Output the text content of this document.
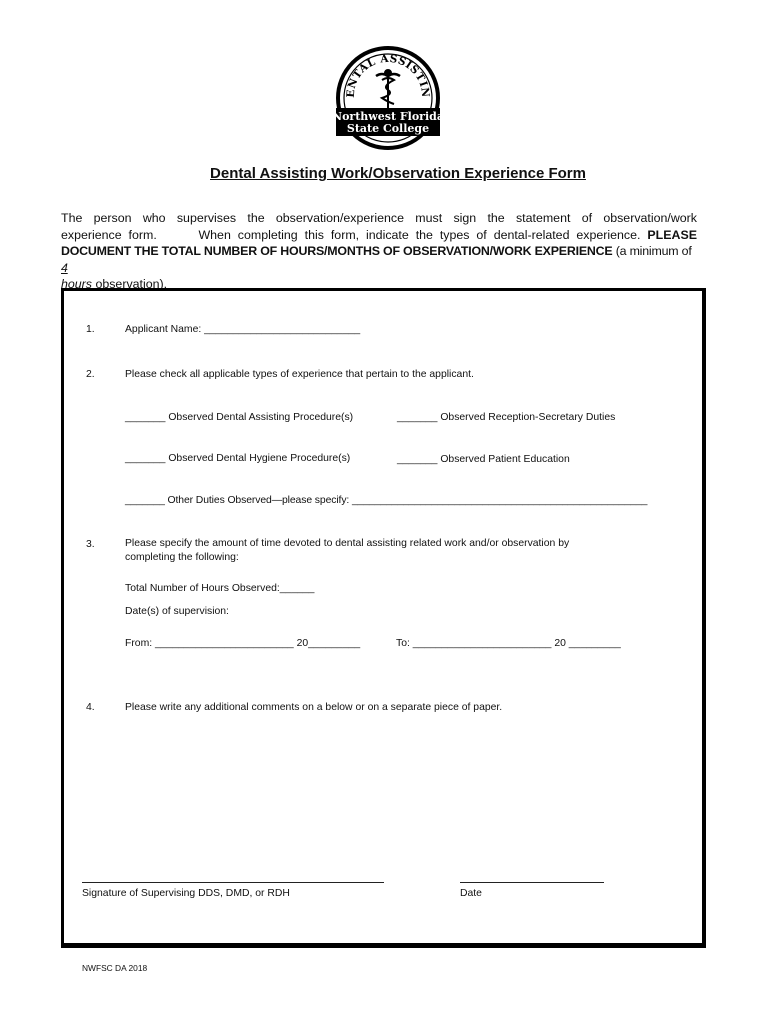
ENTAL ASSISTIN
Northwest Florida
State College
Dental Assisting Work/Observation Experience Form
The person who supervises the observation/experience must sign the statement of observation/work
experience form.	When completing this form, indicate the types of dental-related experience. PLEASE
DOCUMENT THE TOTAL NUMBER OF HOURS/MONTHS OF OBSERVATION/WORK EXPERIENCE (a minimum of 4
hours observation).
1.	Applicant Name: ___________________________
2.	Please check all applicable types of experience that pertain to the applicant.
_______ Observed Dental Assisting Procedure(s)	_______ Observed Reception-Secretary Duties
_______ Observed Dental Hygiene Procedure(s)	_______ Observed Patient Education
_______ Other Duties Observed—please specify: ____________________________________________________
3.	Please specify the amount of time devoted to dental assisting related work and/or observation by
completing the following:
Total Number of Hours Observed:______
Date(s) of supervision:
From: ________________________ 20_________	To: ________________________ 20 _________
4.	Please write any additional comments on a below or on a separate piece of paper.
Signature of Supervising DDS, DMD, or RDH	Date
NWFSC DA 2018
